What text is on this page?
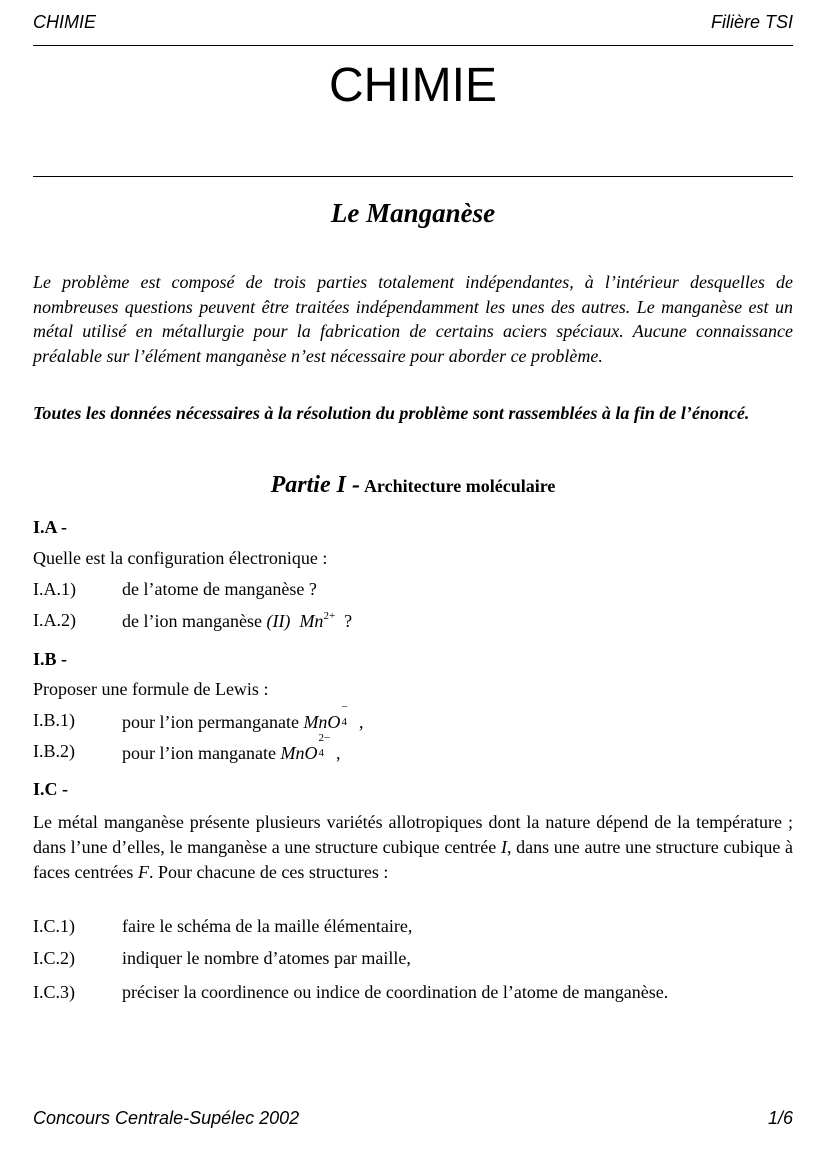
CHIMIE	Filière TSI
CHIMIE
Le Manganèse
Le problème est composé de trois parties totalement indépendantes, à l’intérieur desquelles de nombreuses questions peuvent être traitées indépendamment les unes des autres. Le manganèse est un métal utilisé en métallurgie pour la fabrication de certains aciers spéciaux. Aucune connaissance préalable sur l’élément manganèse n’est nécessaire pour aborder ce problème.
Toutes les données nécessaires à la résolution du problème sont rassemblées à la fin de l’énoncé.
Partie I - Architecture moléculaire
I.A -
Quelle est la configuration électronique :
I.A.1)	de l’atome de manganèse ?
I.A.2)	de l’ion manganèse (II) $Mn^{2+}$ ?
I.B -
Proposer une formule de Lewis :
I.B.1)	pour l’ion permanganate MnO
−
4 ,
I.B.2)	pour l’ion manganate MnO
2−
4 ,
I.C -
Le métal manganèse présente plusieurs variétés allotropiques dont la nature dépend de la température ; dans l’une d’elles, le manganèse a une structure cubique centrée I, dans une autre une structure cubique à faces centrées F. Pour chacune de ces structures :
I.C.1)	faire le schéma de la maille élémentaire,
I.C.2)	indiquer le nombre d’atomes par maille,
I.C.3)	préciser la coordinence ou indice de coordination de l’atome de manganèse.
Concours Centrale-Supélec 2002	1/6
